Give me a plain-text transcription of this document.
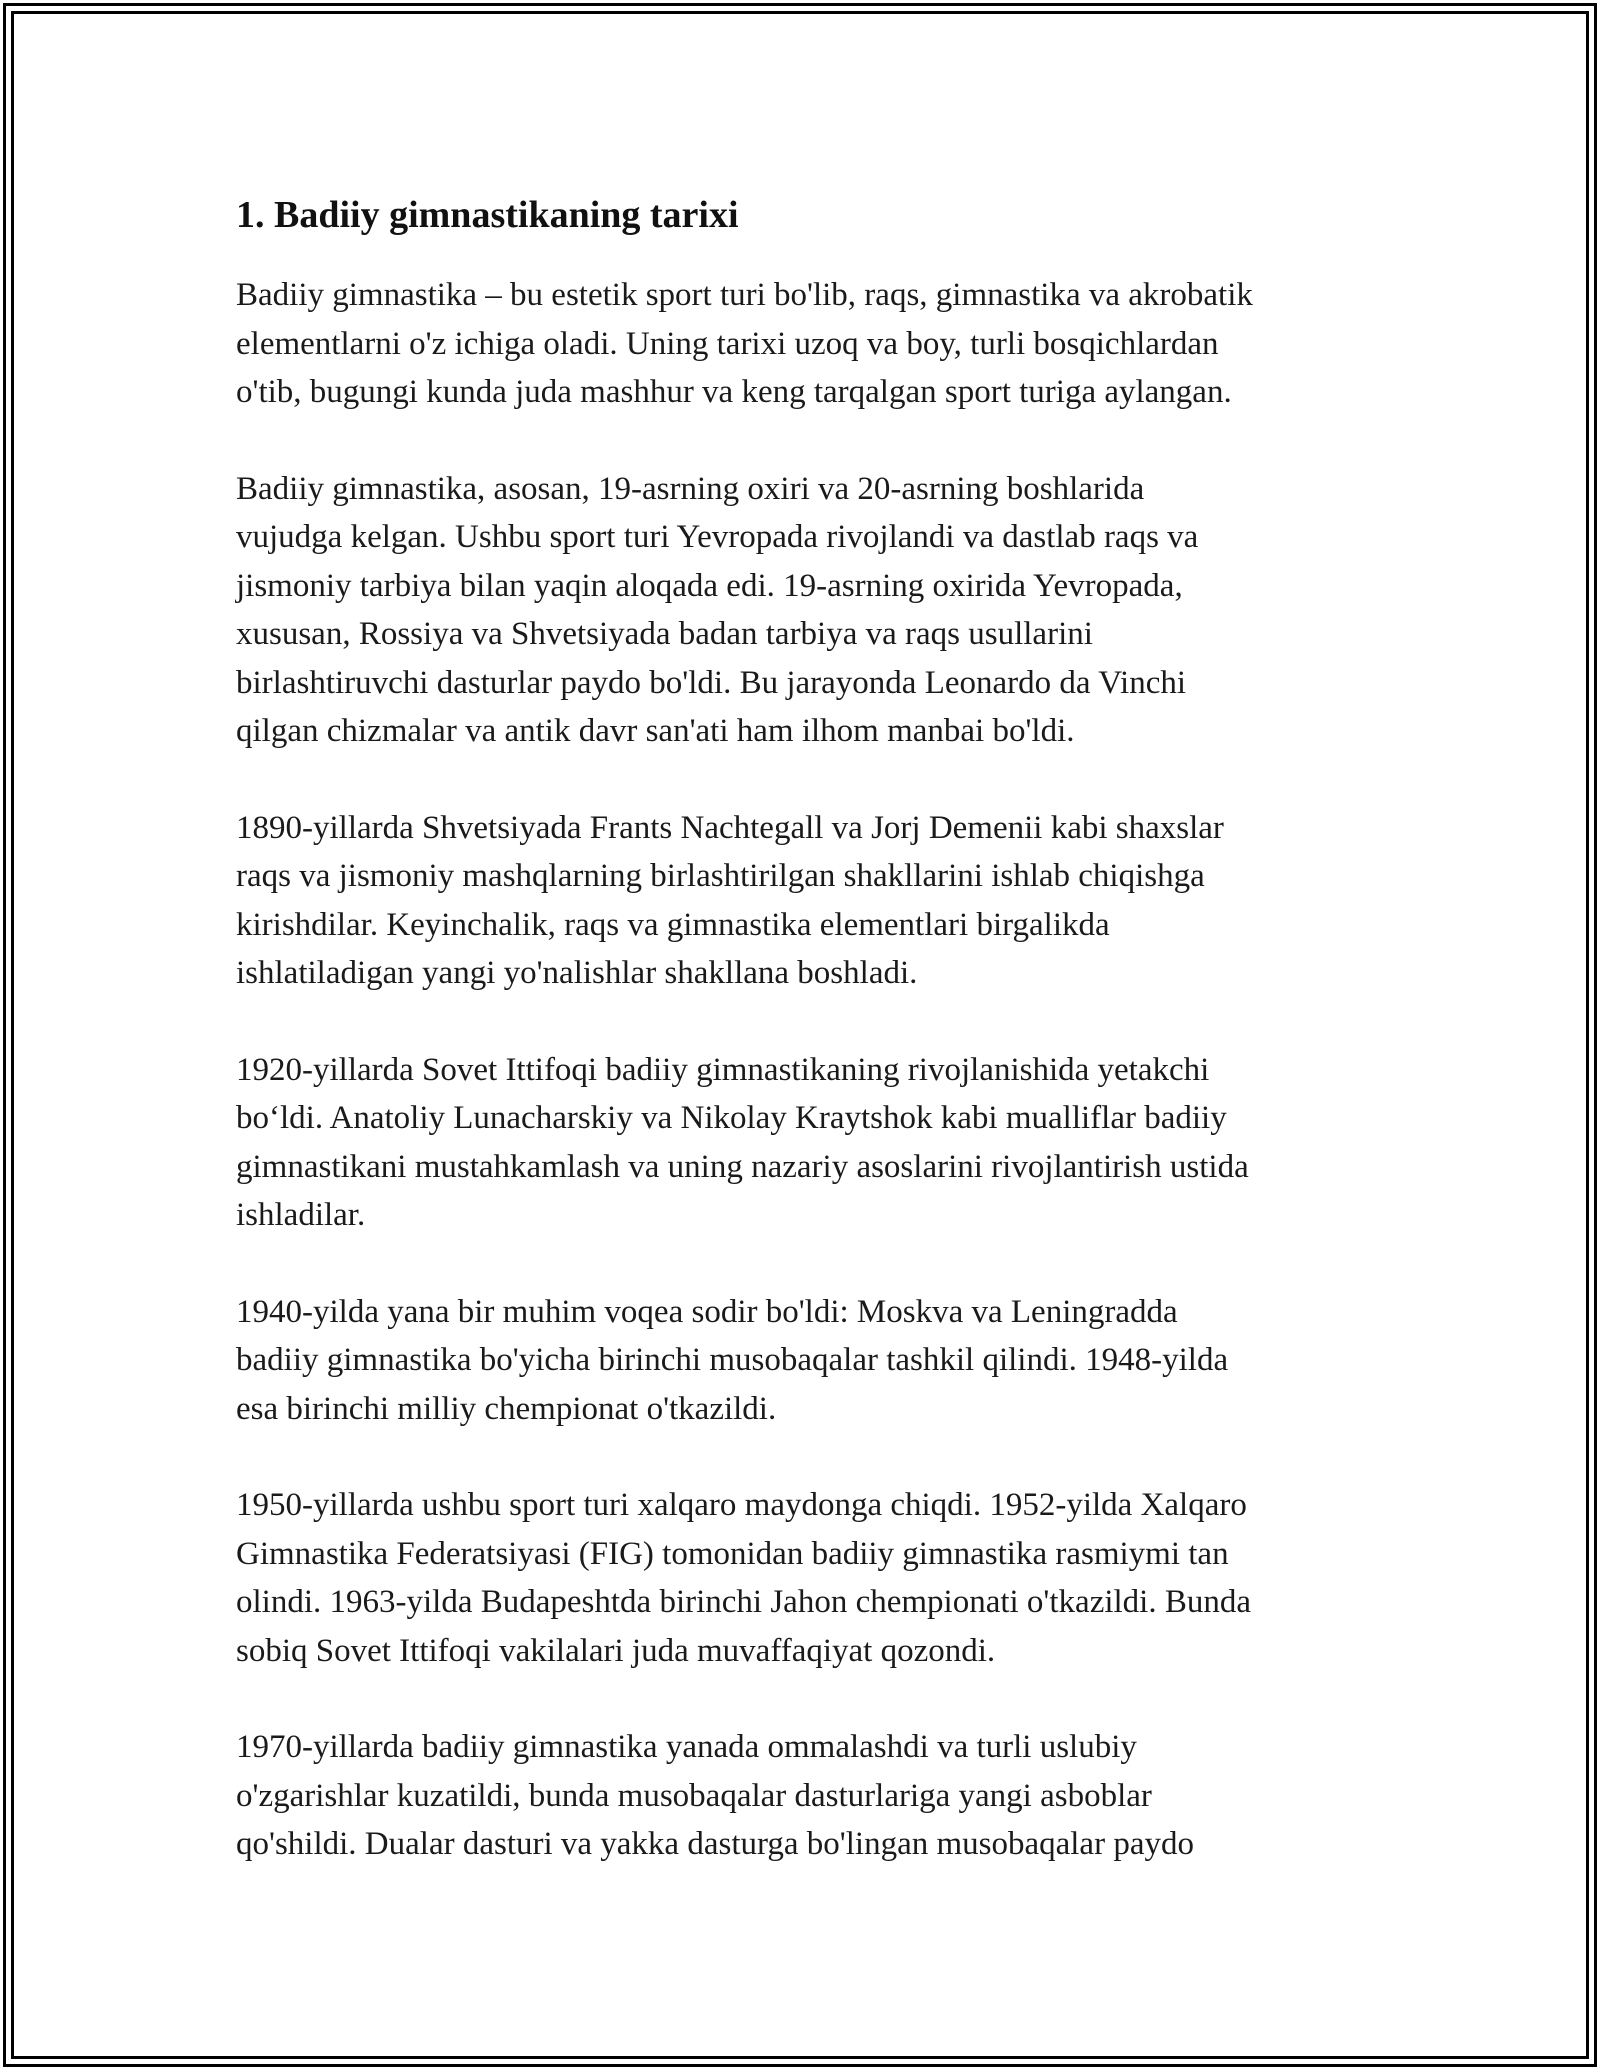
1. Badiiy gimnastikaning tarixi

Badiiy gimnastika – bu estetik sport turi bo'lib, raqs, gimnastika va akrobatik
elementlarni o'z ichiga oladi. Uning tarixi uzoq va boy, turli bosqichlardan
o'tib, bugungi kunda juda mashhur va keng tarqalgan sport turiga aylangan.

Badiiy gimnastika, asosan, 19-asrning oxiri va 20-asrning boshlarida
vujudga kelgan. Ushbu sport turi Yevropada rivojlandi va dastlab raqs va
jismoniy tarbiya bilan yaqin aloqada edi. 19-asrning oxirida Yevropada,
xususan, Rossiya va Shvetsiyada badan tarbiya va raqs usullarini
birlashtiruvchi dasturlar paydo bo'ldi. Bu jarayonda Leonardo da Vinchi
qilgan chizmalar va antik davr san'ati ham ilhom manbai bo'ldi.

1890-yillarda Shvetsiyada Frants Nachtegall va Jorj Demenii kabi shaxslar
raqs va jismoniy mashqlarning birlashtirilgan shakllarini ishlab chiqishga
kirishdilar. Keyinchalik, raqs va gimnastika elementlari birgalikda
ishlatiladigan yangi yo'nalishlar shakllana boshladi.

1920-yillarda Sovet Ittifoqi badiiy gimnastikaning rivojlanishida yetakchi
bo‘ldi. Anatoliy Lunacharskiy va Nikolay Kraytshok kabi mualliflar badiiy
gimnastikani mustahkamlash va uning nazariy asoslarini rivojlantirish ustida
ishladilar.

1940-yilda yana bir muhim voqea sodir bo'ldi: Moskva va Leningradda
badiiy gimnastika bo'yicha birinchi musobaqalar tashkil qilindi. 1948-yilda
esa birinchi milliy chempionat o'tkazildi.

1950-yillarda ushbu sport turi xalqaro maydonga chiqdi. 1952-yilda Xalqaro
Gimnastika Federatsiyasi (FIG) tomonidan badiiy gimnastika rasmiymi tan
olindi. 1963-yilda Budapeshtda birinchi Jahon chempionati o'tkazildi. Bunda
sobiq Sovet Ittifoqi vakilalari juda muvaffaqiyat qozondi.

1970-yillarda badiiy gimnastika yanada ommalashdi va turli uslubiy
o'zgarishlar kuzatildi, bunda musobaqalar dasturlariga yangi asboblar
qo'shildi. Dualar dasturi va yakka dasturga bo'lingan musobaqalar paydo
